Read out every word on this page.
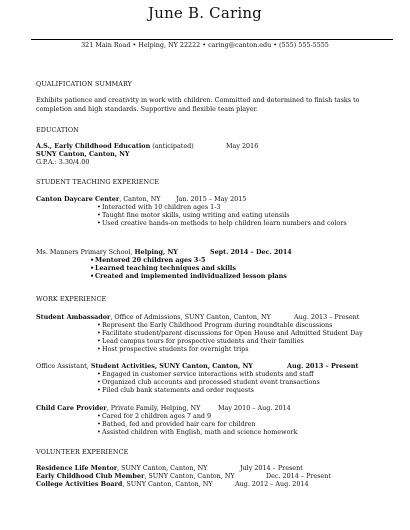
June B. Caring
321 Main Road • Helping, NY 22222 • caring@canton.edu • (555) 555-5555
QUALIFICATION SUMMARY
Exhibits patience and creativity in work with children. Committed and determined to finish tasks to completion and high standards. Supportive and flexible team player.
EDUCATION
A.S., Early Childhood Education (anticipated)	May 2016
SUNY Canton, Canton, NY
G.P.A.: 3.30/4.00
STUDENT TEACHING EXPERIENCE
Canton Daycare Center, Canton, NY Jan. 2015 – May 2015
• Interacted with 10 children ages 1-3
• Taught fine motor skills, using writing and eating utensils
• Used creative hands-on methods to help children learn numbers and colors
Ms. Manners Primary School, Helping, NY	Sept. 2014 – Dec. 2014
• Mentored 20 children ages 3-5
• Learned teaching techniques and skills
• Created and implemented individualized lesson plans
WORK EXPERIENCE
Student Ambassador, Office of Admissions, SUNY Canton, Canton, NY	Aug. 2013 – Present
• Represent the Early Childhood Program during roundtable discussions
• Facilitate student/parent discussions for Open House and Admitted Student Day
• Lead campus tours for prospective students and their families
• Host prospective students for overnight trips
Office Assistant, Student Activities, SUNY Canton, Canton, NY	Aug. 2013 – Present
• Engaged in customer service interactions with students and staff
• Organized club accounts and processed student event transactions
• Filed club bank statements and order requests
Child Care Provider, Private Family, Helping, NY	May 2010 – Aug. 2014
• Cared for 2 children ages 7 and 9
• Bathed, fed and provided hair care for children
• Assisted children with English, math and science homework
VOLUNTEER EXPERIENCE
Residence Life Mentor, SUNY Canton, Canton, NY	July 2014 – Present
Early Childhood Club Member, SUNY Canton, Canton, NY	Dec. 2014 – Present
College Activities Board, SUNY Canton, Canton, NY	Aug. 2012 – Aug. 2014
